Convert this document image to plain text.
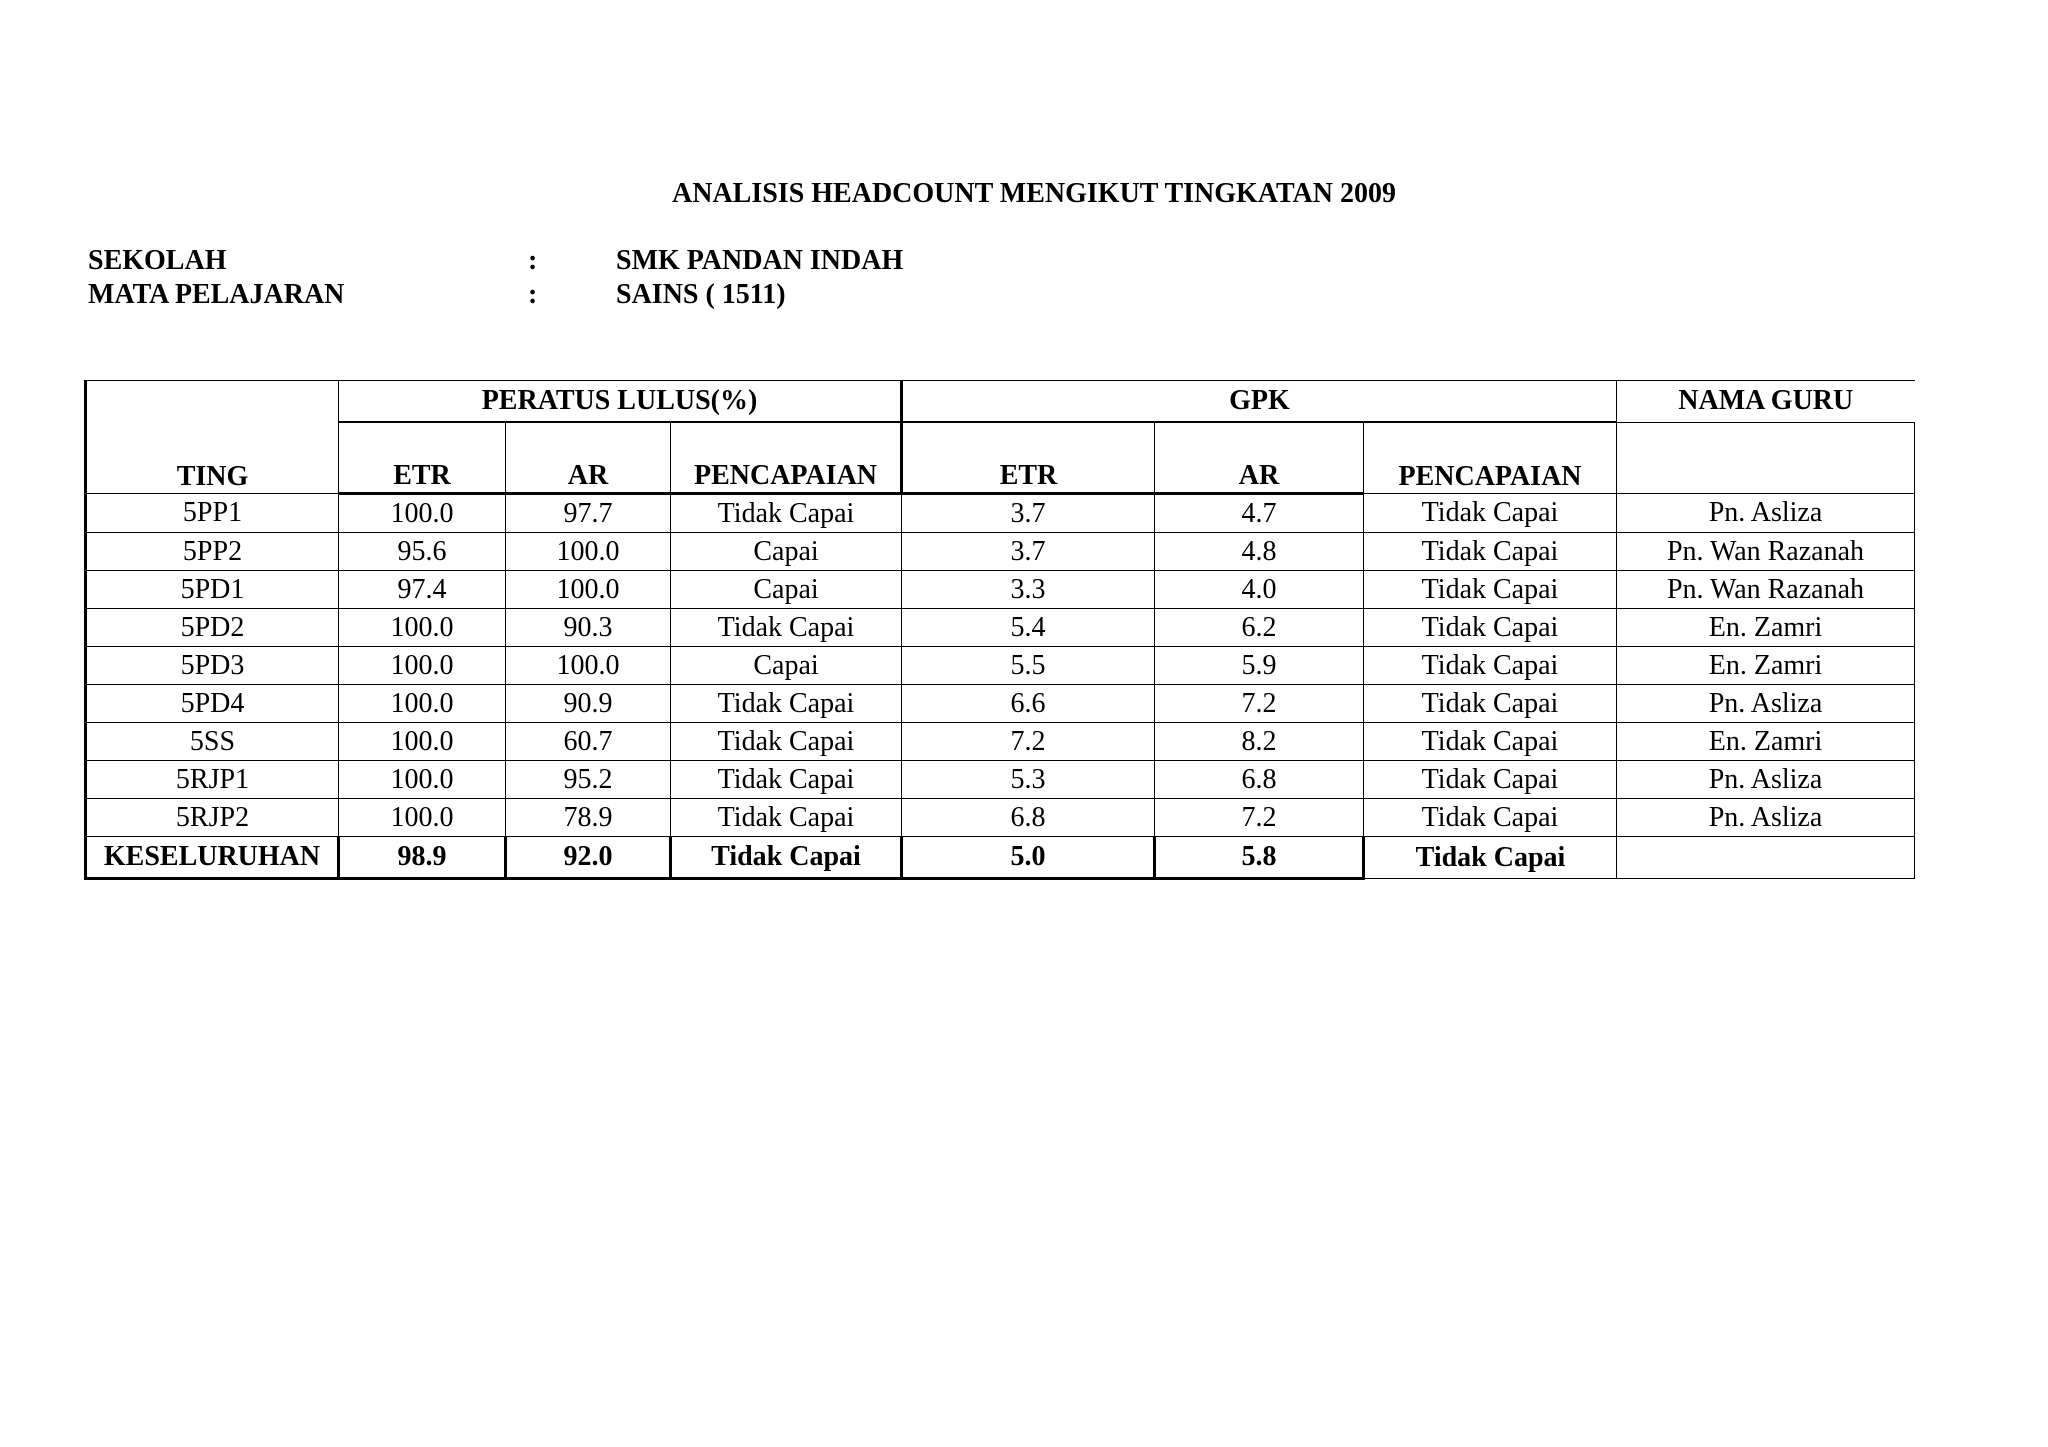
ANALISIS HEADCOUNT MENGIKUT TINGKATAN 2009
SEKOLAH	:	SMK PANDAN INDAH
MATA PELAJARAN	:	SAINS ( 1511)
TING	PERATUS LULUS(%)			GPK			NAMA GURU
	ETR	AR	PENCAPAIAN	ETR	AR	PENCAPAIAN	
5PP1	100.0	97.7	Tidak Capai	3.7	4.7	Tidak Capai	Pn. Asliza
5PP2	95.6	100.0	Capai	3.7	4.8	Tidak Capai	Pn. Wan Razanah
5PD1	97.4	100.0	Capai	3.3	4.0	Tidak Capai	Pn. Wan Razanah
5PD2	100.0	90.3	Tidak Capai	5.4	6.2	Tidak Capai	En. Zamri
5PD3	100.0	100.0	Capai	5.5	5.9	Tidak Capai	En. Zamri
5PD4	100.0	90.9	Tidak Capai	6.6	7.2	Tidak Capai	Pn. Asliza
5SS	100.0	60.7	Tidak Capai	7.2	8.2	Tidak Capai	En. Zamri
5RJP1	100.0	95.2	Tidak Capai	5.3	6.8	Tidak Capai	Pn. Asliza
5RJP2	100.0	78.9	Tidak Capai	6.8	7.2	Tidak Capai	Pn. Asliza
KESELURUHAN	98.9	92.0	Tidak Capai	5.0	5.8	Tidak Capai	
